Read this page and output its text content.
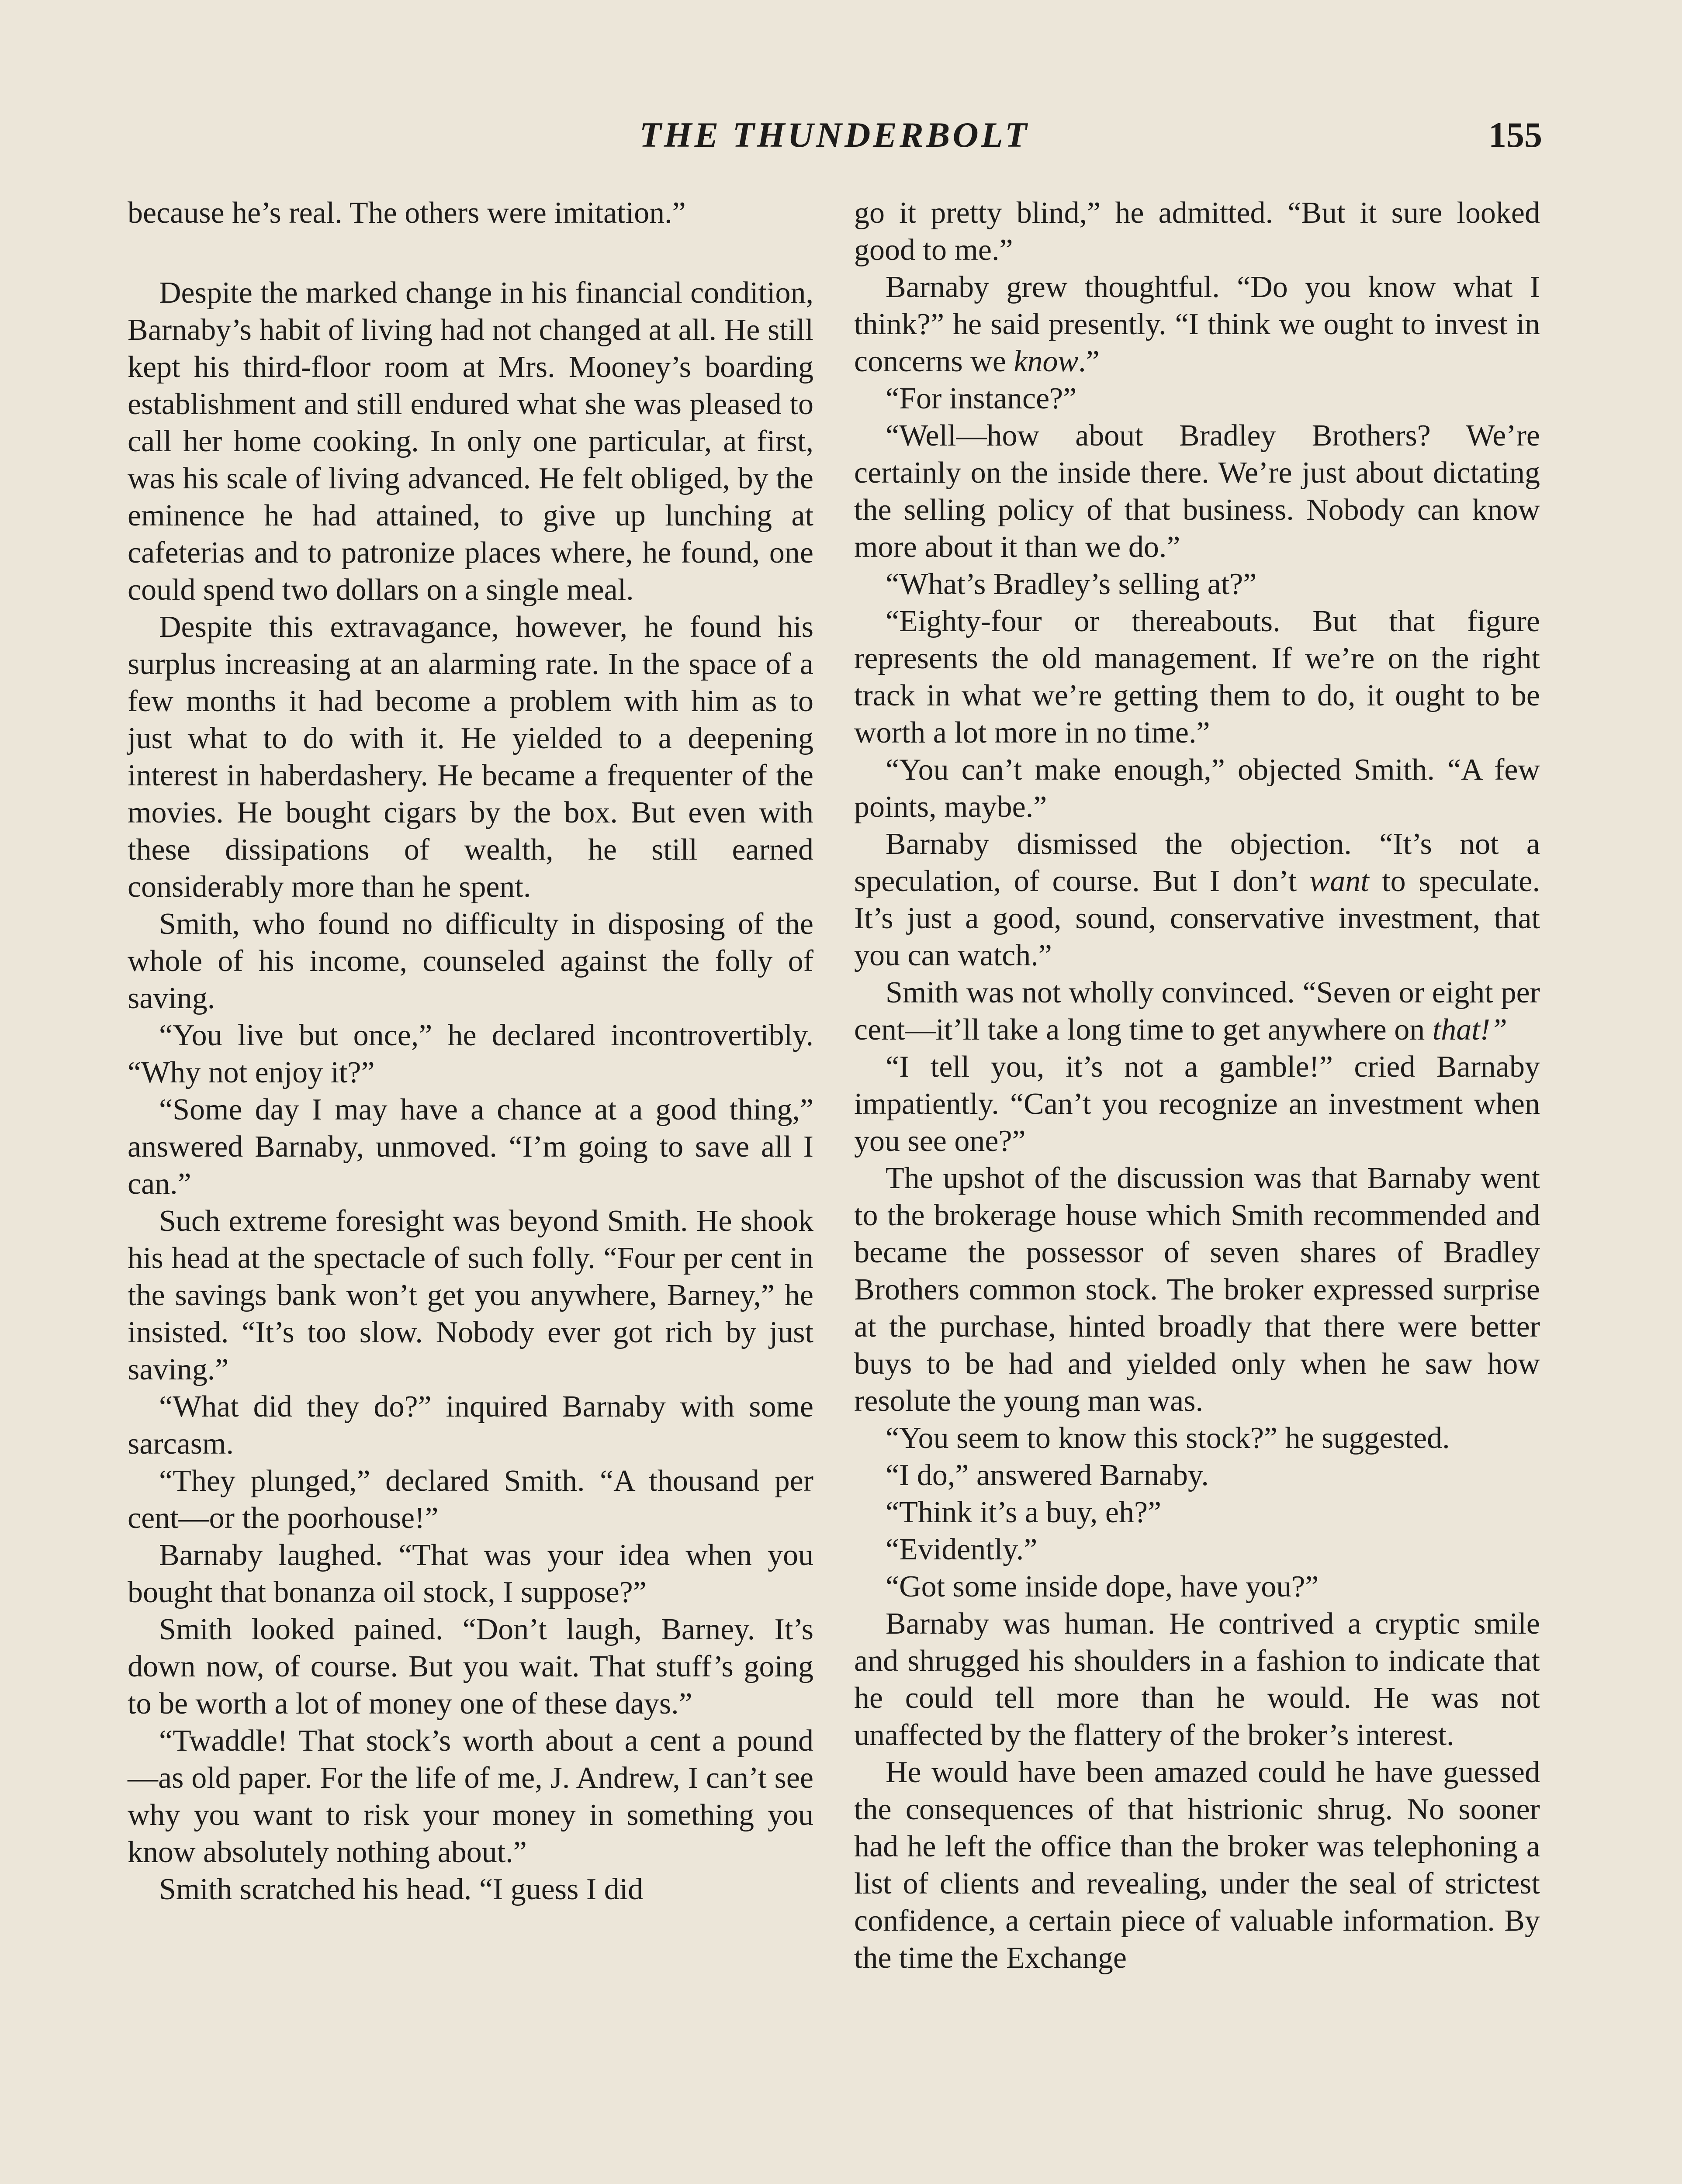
THE THUNDERBOLT	155

because he’s real. The others were imitation.”

Despite the marked change in his financial condition, Barnaby’s habit of living had not changed at all. He still kept his third-floor room at Mrs. Mooney’s boarding establishment and still endured what she was pleased to call her home cooking. In only one particular, at first, was his scale of living advanced. He felt obliged, by the eminence he had attained, to give up lunching at cafeterias and to patronize places where, he found, one could spend two dollars on a single meal.

Despite this extravagance, however, he found his surplus increasing at an alarming rate. In the space of a few months it had become a problem with him as to just what to do with it. He yielded to a deepening interest in haberdashery. He became a frequenter of the movies. He bought cigars by the box. But even with these dissipations of wealth, he still earned considerably more than he spent.

Smith, who found no difficulty in disposing of the whole of his income, counseled against the folly of saving.

“You live but once,” he declared incontrovertibly. “Why not enjoy it?”

“Some day I may have a chance at a good thing,” answered Barnaby, unmoved. “I’m going to save all I can.”

Such extreme foresight was beyond Smith. He shook his head at the spectacle of such folly. “Four per cent in the savings bank won’t get you anywhere, Barney,” he insisted. “It’s too slow. Nobody ever got rich by just saving.”

“What did they do?” inquired Barnaby with some sarcasm.

“They plunged,” declared Smith. “A thousand per cent—or the poorhouse!”

Barnaby laughed. “That was your idea when you bought that bonanza oil stock, I suppose?”

Smith looked pained. “Don’t laugh, Barney. It’s down now, of course. But you wait. That stuff’s going to be worth a lot of money one of these days.”

“Twaddle! That stock’s worth about a cent a pound—as old paper. For the life of me, J. Andrew, I can’t see why you want to risk your money in something you know absolutely nothing about.”

Smith scratched his head. “I guess I did

go it pretty blind,” he admitted. “But it sure looked good to me.”

Barnaby grew thoughtful. “Do you know what I think?” he said presently. “I think we ought to invest in concerns we know.”

“For instance?”

“Well—how about Bradley Brothers? We’re certainly on the inside there. We’re just about dictating the selling policy of that business. Nobody can know more about it than we do.”

“What’s Bradley’s selling at?”

“Eighty-four or thereabouts. But that figure represents the old management. If we’re on the right track in what we’re getting them to do, it ought to be worth a lot more in no time.”

“You can’t make enough,” objected Smith. “A few points, maybe.”

Barnaby dismissed the objection. “It’s not a speculation, of course. But I don’t want to speculate. It’s just a good, sound, conservative investment, that you can watch.”

Smith was not wholly convinced. “Seven or eight per cent—it’ll take a long time to get anywhere on that!”

“I tell you, it’s not a gamble!” cried Barnaby impatiently. “Can’t you recognize an investment when you see one?”

The upshot of the discussion was that Barnaby went to the brokerage house which Smith recommended and became the possessor of seven shares of Bradley Brothers common stock. The broker expressed surprise at the purchase, hinted broadly that there were better buys to be had and yielded only when he saw how resolute the young man was.

“You seem to know this stock?” he suggested.

“I do,” answered Barnaby.

“Think it’s a buy, eh?”

“Evidently.”

“Got some inside dope, have you?”

Barnaby was human. He contrived a cryptic smile and shrugged his shoulders in a fashion to indicate that he could tell more than he would. He was not unaffected by the flattery of the broker’s interest.

He would have been amazed could he have guessed the consequences of that histrionic shrug. No sooner had he left the office than the broker was telephoning a list of clients and revealing, under the seal of strictest confidence, a certain piece of valuable information. By the time the Exchange
